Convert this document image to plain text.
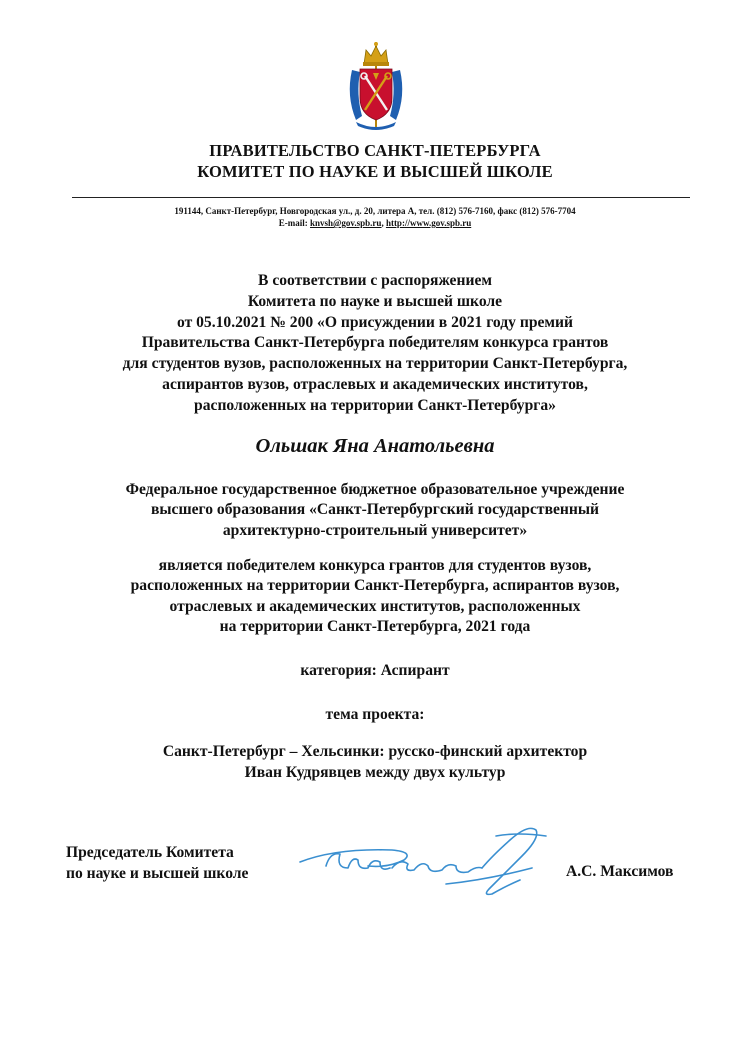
ПРАВИТЕЛЬСТВО САНКТ-ПЕТЕРБУРГА
КОМИТЕТ ПО НАУКЕ И ВЫСШЕЙ ШКОЛЕ
191144, Санкт-Петербург, Новгородская ул., д. 20, литера А, тел. (812) 576-7160, факс (812) 576-7704
E-mail: knvsh@gov.spb.ru, http://www.gov.spb.ru
В соответствии с распоряжением
Комитета по науке и высшей школе
от 05.10.2021 № 200 «О присуждении в 2021 году премий
Правительства Санкт-Петербурга победителям конкурса грантов
для студентов вузов, расположенных на территории Санкт-Петербурга,
аспирантов вузов, отраслевых и академических институтов,
расположенных на территории Санкт-Петербурга»
Ольшак Яна Анатольевна
Федеральное государственное бюджетное образовательное учреждение
высшего образования «Санкт-Петербургский государственный
архитектурно-строительный университет»
является победителем конкурса грантов для студентов вузов,
расположенных на территории Санкт-Петербурга, аспирантов вузов,
отраслевых и академических институтов, расположенных
на территории Санкт-Петербурга, 2021 года
категория: Аспирант
тема проекта:
Санкт-Петербург – Хельсинки: русско-финский архитектор
Иван Кудрявцев между двух культур
Председатель Комитета
по науке и высшей школе	А.С. Максимов
